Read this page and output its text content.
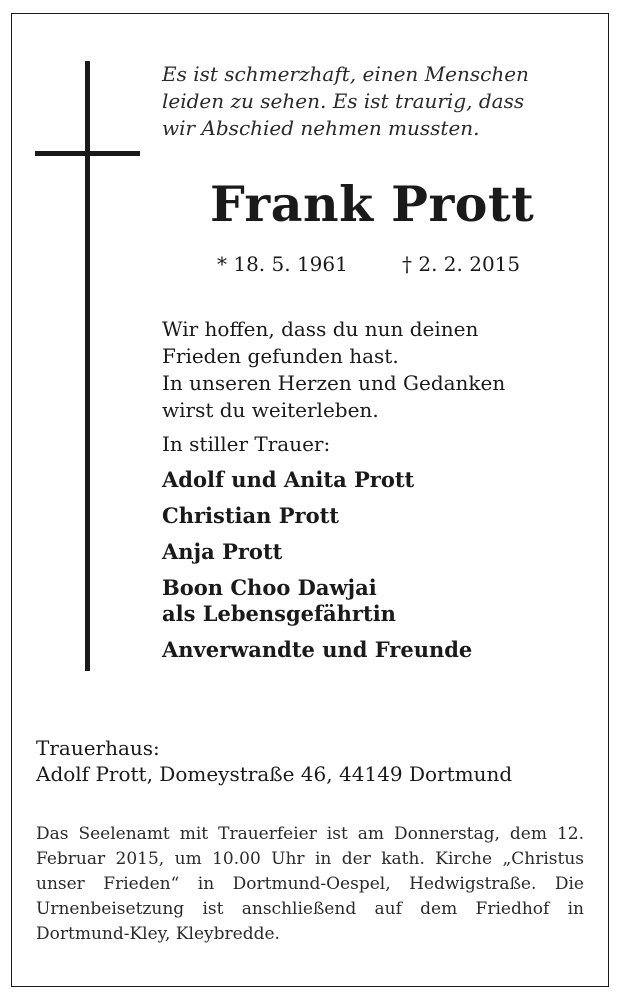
Es ist schmerzhaft, einen Menschen
leiden zu sehen. Es ist traurig, dass
wir Abschied nehmen mussten.
Frank Prott
* 18. 5. 1961	† 2. 2. 2015
Wir hoffen, dass du nun deinen
Frieden gefunden hast.
In unseren Herzen und Gedanken
wirst du weiterleben.
In stiller Trauer:
Adolf und Anita Prott
Christian Prott
Anja Prott
Boon Choo Dawjai
als Lebensgefährtin
Anverwandte und Freunde
Trauerhaus:
Adolf Prott, Domeystraße 46, 44149 Dortmund
Das Seelenamt mit Trauerfeier ist am Donnerstag, dem 12. Februar 2015, um 10.00 Uhr in der kath. Kirche „Christus unser Frieden“ in Dortmund-Oespel, Hedwigstraße. Die Urnenbeisetzung ist anschließend auf dem Friedhof in Dortmund-Kley, Kleybredde.
